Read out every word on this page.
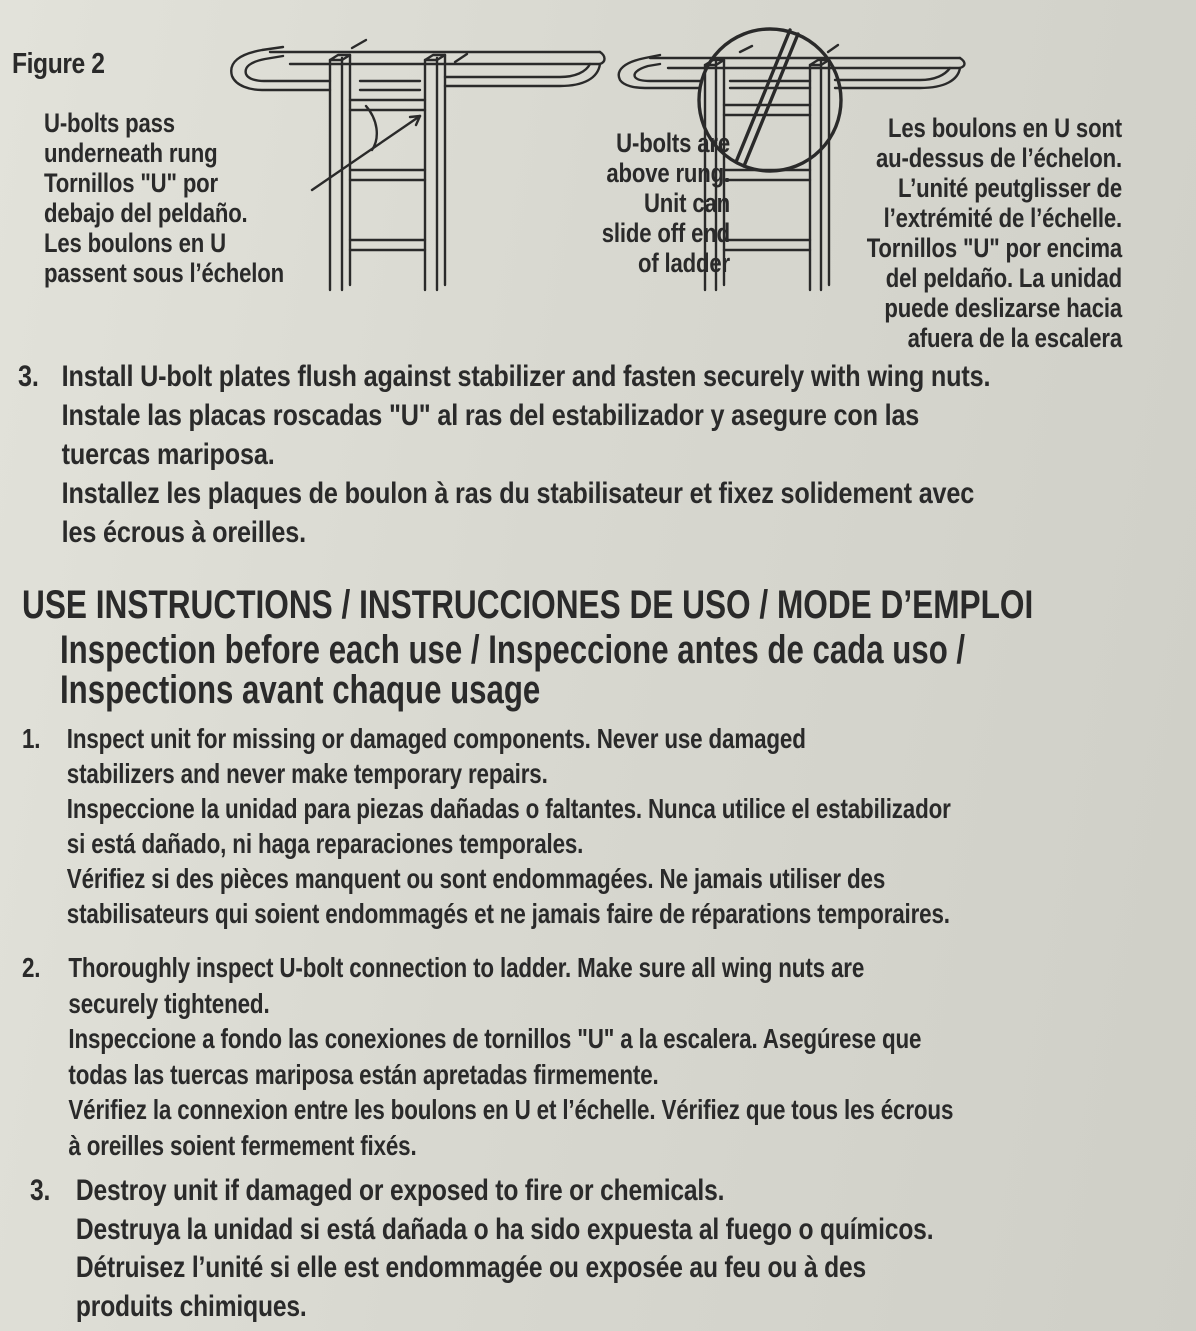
Figure 2
U-bolts pass
underneath rung
Tornillos "U" por
debajo del peldaño.
Les boulons en U
passent sous l’échelon
U-bolts are
above rung.
Unit can
slide off end
of ladder
Les boulons en U sont
au-dessus de l’échelon.
L’unité peutglisser de
l’extrémité de l’échelle.
Tornillos "U" por encima
del peldaño. La unidad
puede deslizarse hacia
afuera de la escalera
3. Install U-bolt plates flush against stabilizer and fasten securely with wing nuts.
Instale las placas roscadas "U" al ras del estabilizador y asegure con las
tuercas mariposa.
Installez les plaques de boulon à ras du stabilisateur et fixez solidement avec
les écrous à oreilles.
USE INSTRUCTIONS / INSTRUCCIONES DE USO / MODE D’EMPLOI
Inspection before each use / Inspeccione antes de cada uso /
Inspections avant chaque usage
1. Inspect unit for missing or damaged components. Never use damaged
stabilizers and never make temporary repairs.
Inspeccione la unidad para piezas dañadas o faltantes. Nunca utilice el estabilizador
si está dañado, ni haga reparaciones temporales.
Vérifiez si des pièces manquent ou sont endommagées. Ne jamais utiliser des
stabilisateurs qui soient endommagés et ne jamais faire de réparations temporaires.
2. Thoroughly inspect U-bolt connection to ladder. Make sure all wing nuts are
securely tightened.
Inspeccione a fondo las conexiones de tornillos "U" a la escalera. Asegúrese que
todas las tuercas mariposa están apretadas firmemente.
Vérifiez la connexion entre les boulons en U et l’échelle. Vérifiez que tous les écrous
à oreilles soient fermement fixés.
3. Destroy unit if damaged or exposed to fire or chemicals.
Destruya la unidad si está dañada o ha sido expuesta al fuego o químicos.
Détruisez l’unité si elle est endommagée ou exposée au feu ou à des
produits chimiques.
